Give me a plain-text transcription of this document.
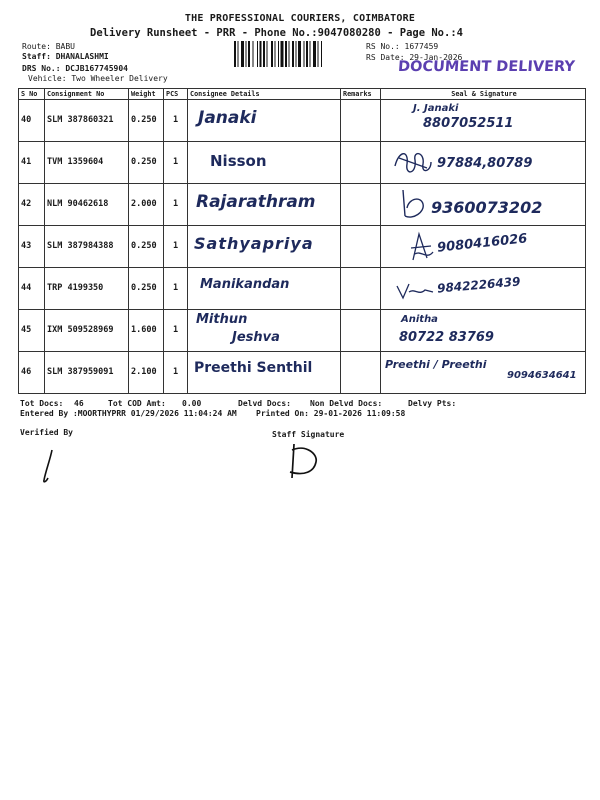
THE PROFESSIONAL COURIERS, COIMBATORE
Delivery Runsheet - PRR - Phone No.:9047080280 - Page No.:4
Route: BABU
Staff: DHANALASHMI
DRS No.: DCJB167745904
Vehicle: Two Wheeler Delivery
RS No.: 1677459
RS Date: 29-Jan-2026
DOCUMENT DELIVERY
S No	Consignment No	Weight	PCS	Consignee Details	Remarks	Seal & Signature

40	SLM 387860321	0.250	1	Janaki		J. Janaki
8807052511

41	TVM 1359604	0.250	1	Nisson		97884,80789

42	NLM 90462618	2.000	1	Rajarathram		9360073202

43	SLM 387984388	0.250	1	Sathyapriya		9080416026

44	TRP 4199350	0.250	1	Manikandan		9842226439

45	IXM 509528969	1.600	1	Mithun
Jeshva		Anitha
80722 83769

46	SLM 387959091	2.100	1	Preethi Senthil		Preethi / Preethi
9094634641
Tot Docs: 46	Tot COD Amt: 0.00	Delvd Docs: Non Delvd Docs:	Delvy Pts:
Entered By :MOORTHYPRR 01/29/2026 11:04:24 AM Printed On: 29-01-2026 11:09:58
Verified By	Staff Signature
